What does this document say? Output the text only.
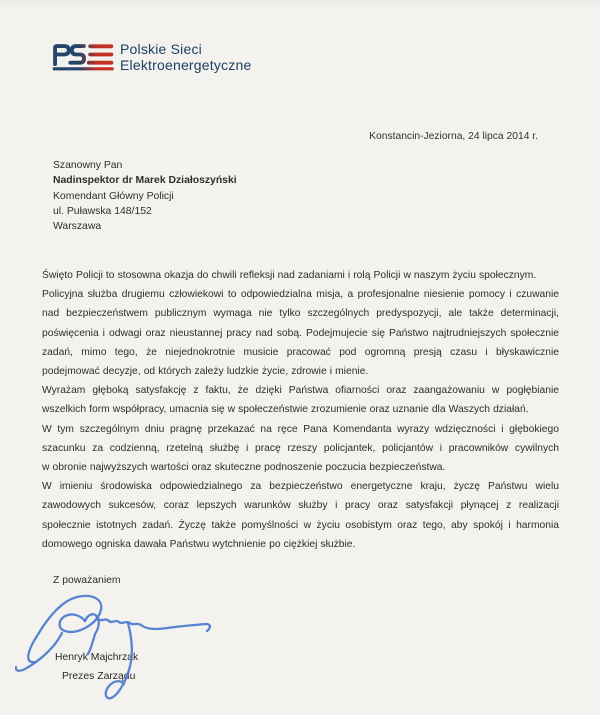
Polskie Sieci
Elektroenergetyczne
Konstancin-Jeziorna, 24 lipca 2014 r.
Szanowny Pan
Nadinspektor dr Marek Działoszyński
Komendant Główny Policji
ul. Puławska 148/152
Warszawa
Święto Policji to stosowna okazja do chwili refleksji nad zadaniami i rolą Policji w naszym życiu społecznym.
Policyjna służba drugiemu człowiekowi to odpowiedzialna misja, a profesjonalne niesienie pomocy i czuwanie
nad bezpieczeństwem publicznym wymaga nie tylko szczególnych predyspozycji, ale także determinacji,
poświęcenia i odwagi oraz nieustannej pracy nad sobą. Podejmujecie się Państwo najtrudniejszych społecznie
zadań, mimo tego, że niejednokrotnie musicie pracować pod ogromną presją czasu i błyskawicznie
podejmować decyzje, od których zależy ludzkie życie, zdrowie i mienie.
Wyrażam głęboką satysfakcję z faktu, że dzięki Państwa ofiarności oraz zaangażowaniu w pogłębianie
wszelkich form współpracy, umacnia się w społeczeństwie zrozumienie oraz uznanie dla Waszych działań.
W tym szczególnym dniu pragnę przekazać na ręce Pana Komendanta wyrazy wdzięczności i głębokiego
szacunku za codzienną, rzetelną służbę i pracę rzeszy policjantek, policjantów i pracowników cywilnych
w obronie najwyższych wartości oraz skuteczne podnoszenie poczucia bezpieczeństwa.
W imieniu środowiska odpowiedzialnego za bezpieczeństwo energetyczne kraju, życzę Państwu wielu
zawodowych sukcesów, coraz lepszych warunków służby i pracy oraz satysfakcji płynącej z realizacji
społecznie istotnych zadań. Życzę także pomyślności w życiu osobistym oraz tego, aby spokój i harmonia
domowego ogniska dawała Państwu wytchnienie po ciężkiej służbie.
Z poważaniem
Henryk Majchrzak
Prezes Zarządu
